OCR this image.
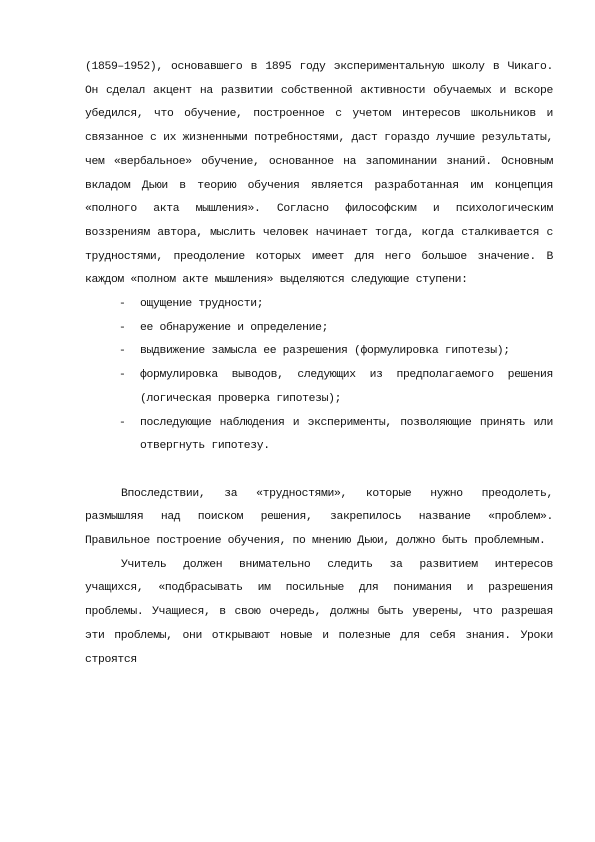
(1859–1952), основавшего в 1895 году экспериментальную школу в Чикаго. Он сделал акцент на развитии собственной активности обучаемых и вскоре убедился, что обучение, построенное с учетом интересов школьников и связанное с их жизненными потребностями, даст гораздо лучшие результаты, чем «вербальное» обучение, основанное на запоминании знаний. Основным вкладом Дьюи в теорию обучения является разработанная им концепция «полного акта мышления». Согласно философским и психологическим воззрениям автора, мыслить человек начинает тогда, когда сталкивается с трудностями, преодоление которых имеет для него большое значение. В каждом «полном акте мышления» выделяются следующие ступени:

- ощущение трудности;
- ее обнаружение и определение;
- выдвижение замысла ее разрешения (формулировка гипотезы);
- формулировка выводов, следующих из предполагаемого решения (логическая проверка гипотезы);
- последующие наблюдения и эксперименты, позволяющие принять или отвергнуть гипотезу.

Впоследствии, за «трудностями», которые нужно преодолеть, размышляя над поиском решения, закрепилось название «проблем». Правильное построение обучения, по мнению Дьюи, должно быть проблемным.

Учитель должен внимательно следить за развитием интересов учащихся, «подбрасывать им посильные для понимания и разрешения проблемы. Учащиеся, в свою очередь, должны быть уверены, что разрешая эти проблемы, они открывают новые и полезные для себя знания. Уроки строятся
